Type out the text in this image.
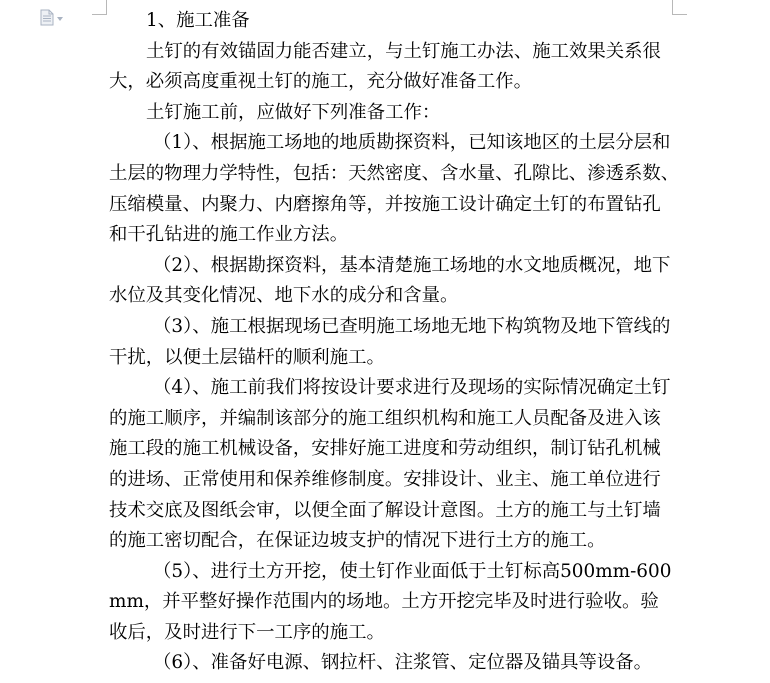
1、施工准备

土钉的有效锚固力能否建立，与土钉施工办法、施工效果关系很

大，必须高度重视土钉的施工，充分做好准备工作。

土钉施工前，应做好下列准备工作：

（1）、根据施工场地的地质勘探资料，已知该地区的土层分层和

土层的物理力学特性，包括：天然密度、含水量、孔隙比、渗透系数、

压缩模量、内聚力、内磨擦角等，并按施工设计确定土钉的布置钻孔

和干孔钻进的施工作业方法。

（2）、根据勘探资料，基本清楚施工场地的水文地质概况，地下

水位及其变化情况、地下水的成分和含量。

（3）、施工根据现场已查明施工场地无地下构筑物及地下管线的

干扰，以便土层锚杆的顺利施工。

（4）、施工前我们将按设计要求进行及现场的实际情况确定土钉

的施工顺序，并编制该部分的施工组织机构和施工人员配备及进入该

施工段的施工机械设备，安排好施工进度和劳动组织，制订钻孔机械

的进场、正常使用和保养维修制度。安排设计、业主、施工单位进行

技术交底及图纸会审，以便全面了解设计意图。土方的施工与土钉墙

的施工密切配合，在保证边坡支护的情况下进行土方的施工。

（5）、进行土方开挖，使土钉作业面低于土钉标高500mm-600

mm，并平整好操作范围内的场地。土方开挖完毕及时进行验收。验

收后，及时进行下一工序的施工。

（6）、准备好电源、钢拉杆、注浆管、定位器及锚具等设备。
